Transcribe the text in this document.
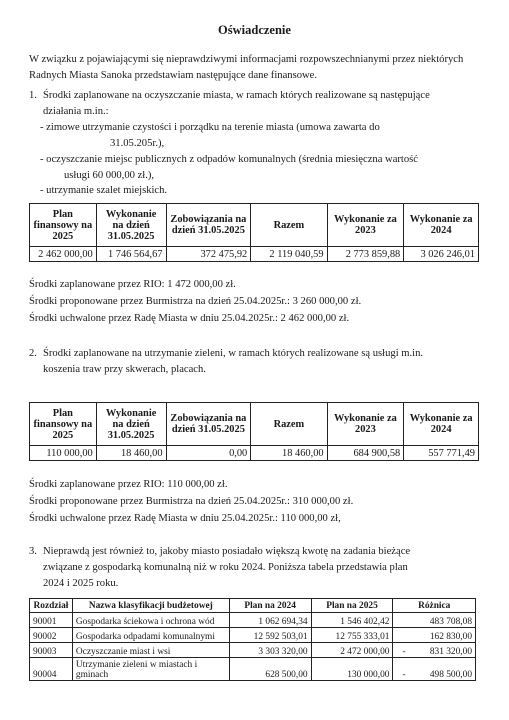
Oświadczenie

W związku z pojawiającymi się nieprawdziwymi informacjami rozpowszechnianymi przez niektórych Radnych Miasta Sanoka przedstawiam następujące dane finansowe.

1. Środki zaplanowane na oczyszczanie miasta, w ramach których realizowane są następujące
działania m.in.:
- zimowe utrzymanie czystości i porządku na terenie miasta (umowa zawarta do
31.05.205r.),
- oczyszczanie miejsc publicznych z odpadów komunalnych (średnia miesięczna wartość
usługi 60 000,00 zł.),
- utrzymanie szalet miejskich.
Plan finansowy na 2025	Wykonanie na dzień 31.05.2025	Zobowiązania na dzień 31.05.2025	Razem	Wykonanie za 2023	Wykonanie za 2024
2 462 000,00	1 746 564,67	372 475,92	2 119 040,59	2 773 859,88	3 026 246,01
Środki zaplanowane przez RIO: 1 472 000,00 zł.
Środki proponowane przez Burmistrza na dzień 25.04.2025r.: 3 260 000,00 zł.
Środki uchwalone przez Radę Miasta w dniu 25.04.2025r.: 2 462 000,00 zł.
2. Środki zaplanowane na utrzymanie zieleni, w ramach których realizowane są usługi m.in.
koszenia traw przy skwerach, placach.
Plan finansowy na 2025	Wykonanie na dzień 31.05.2025	Zobowiązania na dzień 31.05.2025	Razem	Wykonanie za 2023	Wykonanie za 2024
110 000,00	18 460,00	0,00	18 460,00	684 900,58	557 771,49
Środki zaplanowane przez RIO: 110 000,00 zł.
Środki proponowane przez Burmistrza na dzień 25.04.2025r.: 310 000,00 zł.
Środki uchwalone przez Radę Miasta w dniu 25.04.2025r.: 110 000,00 zł,
3. Nieprawdą jest również to, jakoby miasto posiadało większą kwotę na zadania bieżące
związane z gospodarką komunalną niż w roku 2024. Poniższa tabela przedstawia plan
2024 i 2025 roku.
Rozdział	Nazwa klasyfikacji budżetowej	Plan na 2024	Plan na 2025	Różnica
90001	Gospodarka ściekowa i ochrona wód	1 062 694,34	1 546 402,42	483 708,08
90002	Gospodarka odpadami komunalnymi	12 592 503,01	12 755 333,01	162 830,00
90003	Oczyszczanie miast i wsi	3 303 320,00	2 472 000,00	- 831 320,00
90004	Utrzymanie zieleni w miastach i gminach	628 500,00	130 000,00	- 498 500,00
